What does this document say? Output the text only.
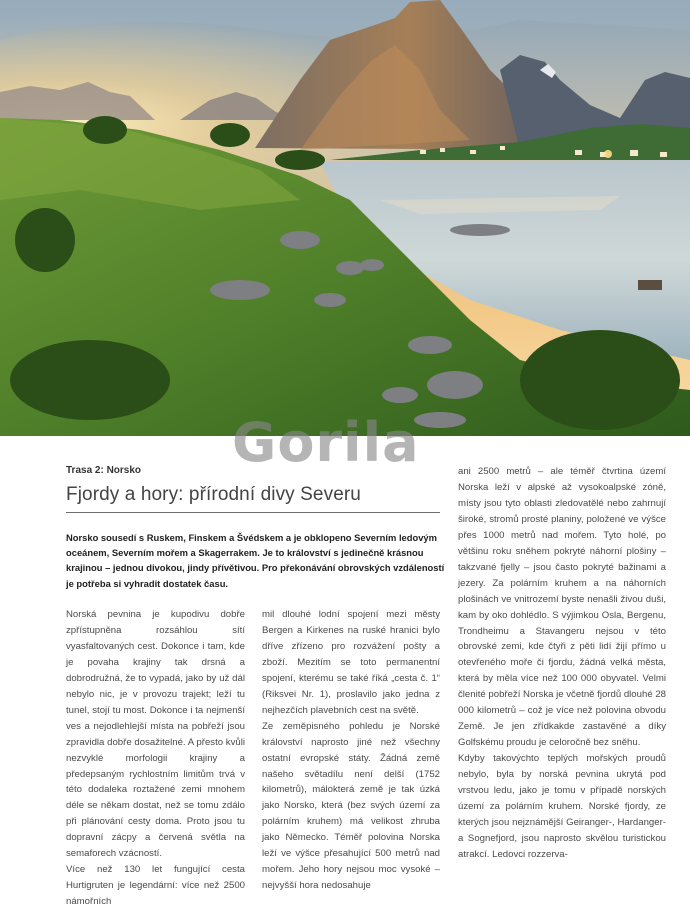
Gorila
Trasa 2: Norsko
Fjordy a hory: přírodní divy Severu
Norsko sousedí s Ruskem, Finskem a Švédskem a je obklopeno Severním ledovým oceánem, Severním mořem a Skagerrakem. Je to království s jedinečně krásnou krajinou – jednou divokou, jindy přívětivou. Pro překonávání obrovských vzdáleností je potřeba si vyhradit dostatek času.

Norská pevnina je kupodivu dobře zpřístupněna rozsáhlou sítí vyasfaltovaných cest. Dokonce i tam, kde je povaha krajiny tak drsná a dobrodružná, že to vypadá, jako by už dál nebylo nic, je v provozu trajekt; leží tu tunel, stojí tu most. Dokonce i ta nejmenší ves a nejodlehlejší místa na pobřeží jsou zpravidla dobře dosažitelné. A přesto kvůli nezvyklé morfologii krajiny a předepsaným rychlostním limitům trvá v této dodaleka roztažené zemi mnohem déle se někam dostat, než se tomu zdálo při plánování cesty doma. Proto jsou tu dopravní zácpy a červená světla na semaforech vzácností.

Více než 130 let fungující cesta Hurtigruten je legendární: více než 2500 námořních

mil dlouhé lodní spojení mezi městy Bergen a Kirkenes na ruské hranici bylo dříve zřízeno pro rozvážení pošty a zboží. Mezitím se toto permanentní spojení, kterému se také říká „cesta č. 1“ (Riksvei Nr. 1), proslavilo jako jedna z nejhezčích plavebních cest na světě.

Ze zeměpisného pohledu je Norské království naprosto jiné než všechny ostatní evropské státy. Žádná země našeho světadílu není delší (1752 kilometrů), málokterá země je tak úzká jako Norsko, která (bez svých území za polárním kruhem) má velikost zhruba jako Německo. Téměř polovina Norska leží ve výšce přesahující 500 metrů nad mořem. Jeho hory nejsou moc vysoké – nejvyšší hora nedosahuje

ani 2500 metrů – ale téměř čtvrtina území Norska leží v alpské až vysokoalpské zóně, místy jsou tyto oblasti zledovatělé nebo zahrnují široké, stromů prosté planiny, položené ve výšce přes 1000 metrů nad mořem. Tyto holé, po většinu roku sněhem pokryté náhorní plošiny – takzvané fjelly – jsou často pokryté bažinami a jezery. Za polárním kruhem a na náhorních plošinách ve vnitrozemí byste nenašli živou duši, kam by oko dohlédlo. S výjimkou Osla, Bergenu, Trondheimu a Stavangeru nejsou v této obrovské zemi, kde čtyři z pěti lidí žijí přímo u otevřeného moře či fjordu, žádná velká města, která by měla více než 100 000 obyvatel. Velmi členité pobřeží Norska je včetně fjordů dlouhé 28 000 kilometrů – což je více než polovina obvodu Země. Je jen zřídkakde zastavěné a díky Golfskému proudu je celoročně bez sněhu.

Kdyby takovýchto teplých mořských proudů nebylo, byla by norská pevnina ukrytá pod vrstvou ledu, jako je tomu v případě norských území za polárním kruhem. Norské fjordy, ze kterých jsou nejznámější Geiranger-, Hardanger- a Sognefjord, jsou naprosto skvělou turistickou atrakcí. Ledovci rozzerva-
